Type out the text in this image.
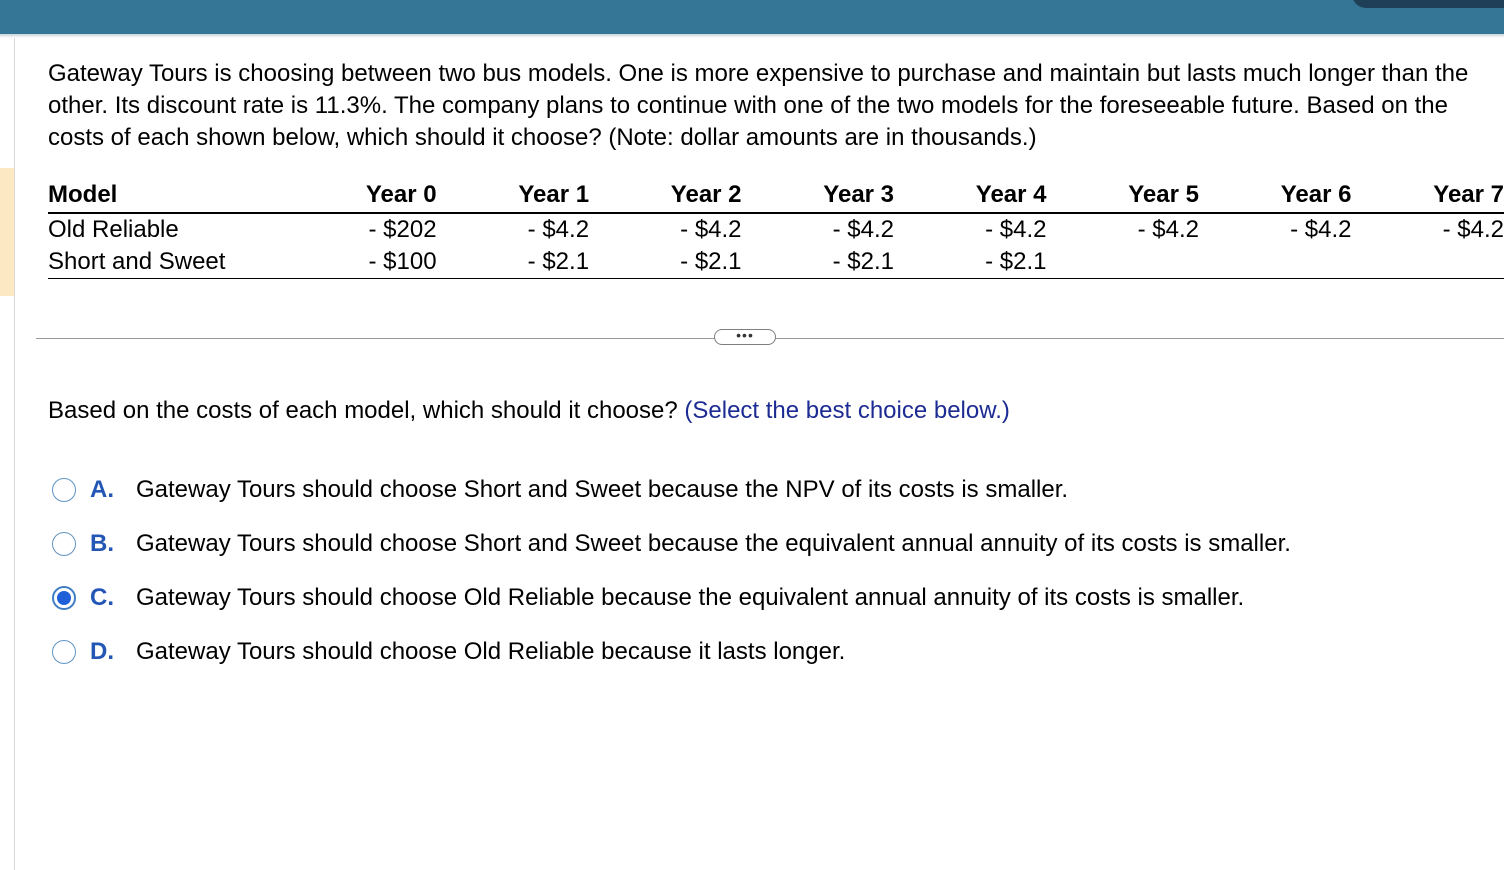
Gateway Tours is choosing between two bus models. One is more expensive to purchase and maintain but lasts much longer than the other. Its discount rate is 11.3%. The company plans to continue with one of the two models for the foreseeable future. Based on the costs of each shown below, which should it choose? (Note: dollar amounts are in thousands.)
Model	Year 0	Year 1	Year 2	Year 3	Year 4	Year 5	Year 6	Year 7
Old Reliable	- $202	- $4.2	- $4.2	- $4.2	- $4.2	- $4.2	- $4.2	- $4.2
Short and Sweet	- $100	- $2.1	- $2.1	- $2.1	- $2.1			
•••
Based on the costs of each model, which should it choose? (Select the best choice below.)
A. Gateway Tours should choose Short and Sweet because the NPV of its costs is smaller.
B. Gateway Tours should choose Short and Sweet because the equivalent annual annuity of its costs is smaller.
C. Gateway Tours should choose Old Reliable because the equivalent annual annuity of its costs is smaller.
D. Gateway Tours should choose Old Reliable because it lasts longer.
